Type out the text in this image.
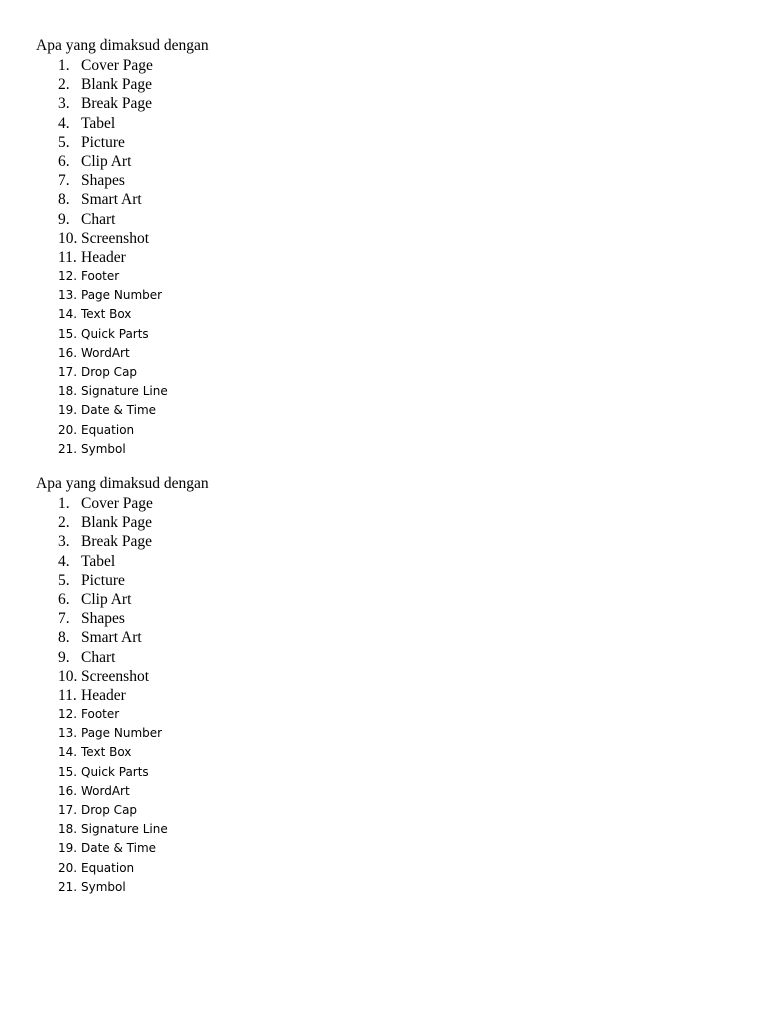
Apa yang dimaksud dengan
1. Cover Page
2. Blank Page
3. Break Page
4. Tabel
5. Picture
6. Clip Art
7. Shapes
8. Smart Art
9. Chart
10. Screenshot
11. Header
12. Footer
13. Page Number
14. Text Box
15. Quick Parts
16. WordArt
17. Drop Cap
18. Signature Line
19. Date & Time
20. Equation
21. Symbol
Apa yang dimaksud dengan
1. Cover Page
2. Blank Page
3. Break Page
4. Tabel
5. Picture
6. Clip Art
7. Shapes
8. Smart Art
9. Chart
10. Screenshot
11. Header
12. Footer
13. Page Number
14. Text Box
15. Quick Parts
16. WordArt
17. Drop Cap
18. Signature Line
19. Date & Time
20. Equation
21. Symbol
